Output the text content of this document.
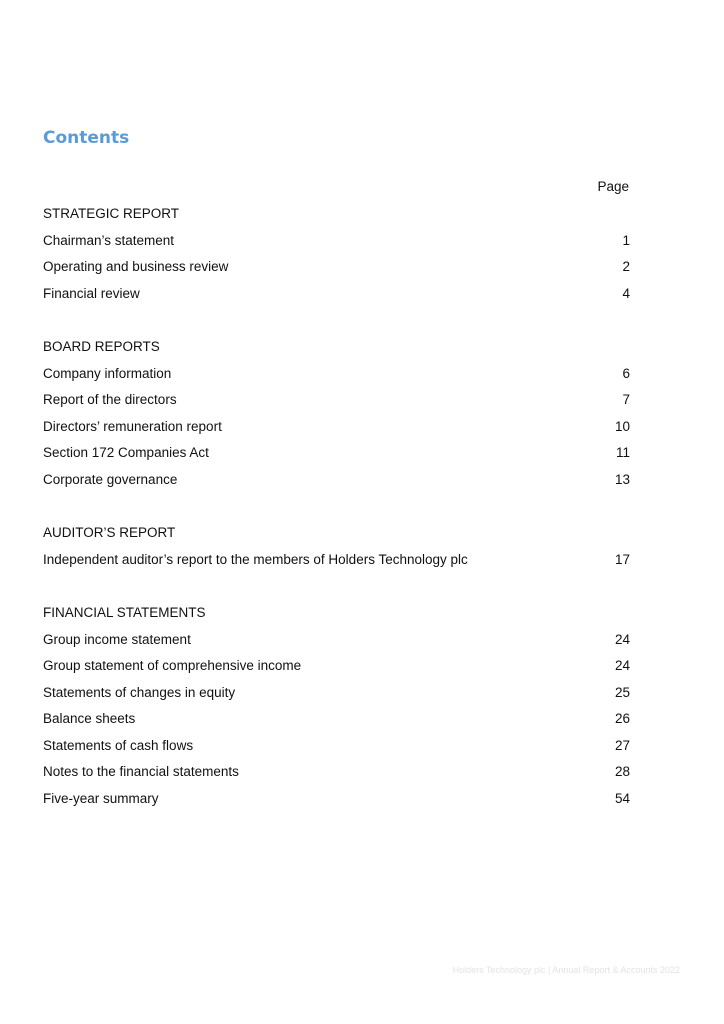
Contents
Page
STRATEGIC REPORT
Chairman’s statement	1
Operating and business review	2
Financial review	4
BOARD REPORTS
Company information	6
Report of the directors	7
Directors’ remuneration report	10
Section 172 Companies Act	11
Corporate governance	13
AUDITOR’S REPORT
Independent auditor’s report to the members of Holders Technology plc	17
FINANCIAL STATEMENTS
Group income statement	24
Group statement of comprehensive income	24
Statements of changes in equity	25
Balance sheets	26
Statements of cash flows	27
Notes to the financial statements	28
Five-year summary	54
Holders Technology plc | Annual Report & Accounts 2022
